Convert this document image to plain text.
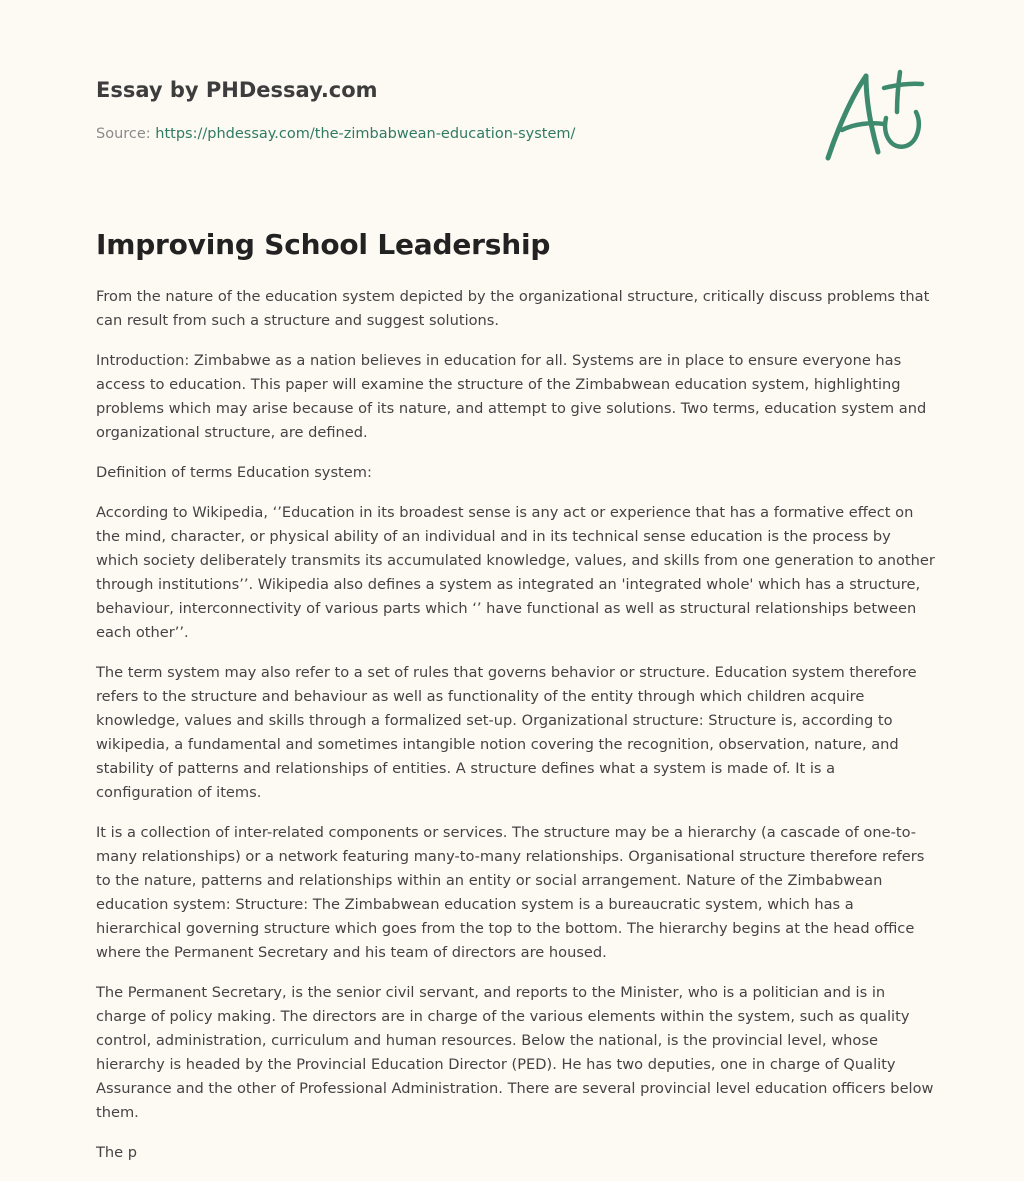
Essay by PHDessay.com
Source: https://phdessay.com/the-zimbabwean-education-system/
Improving School Leadership

From the nature of the education system depicted by the organizational structure, critically discuss problems that can result from such a structure and suggest solutions.

Introduction: Zimbabwe as a nation believes in education for all. Systems are in place to ensure everyone has access to education. This paper will examine the structure of the Zimbabwean education system, highlighting problems which may arise because of its nature, and attempt to give solutions. Two terms, education system and organizational structure, are defined.

Definition of terms Education system:

According to Wikipedia, ‘’Education in its broadest sense is any act or experience that has a formative effect on the mind, character, or physical ability of an individual and in its technical sense education is the process by which society deliberately transmits its accumulated knowledge, values, and skills from one generation to another through institutions’’. Wikipedia also defines a system as integrated an 'integrated whole' which has a structure, behaviour, interconnectivity of various parts which ‘’ have functional as well as structural relationships between each other’’.

The term system may also refer to a set of rules that governs behavior or structure. Education system therefore refers to the structure and behaviour as well as functionality of the entity through which children acquire knowledge, values and skills through a formalized set-up. Organizational structure: Structure is, according to wikipedia, a fundamental and sometimes intangible notion covering the recognition, observation, nature, and stability of patterns and relationships of entities. A structure defines what a system is made of. It is a configuration of items.

It is a collection of inter-related components or services. The structure may be a hierarchy (a cascade of one-to-many relationships) or a network featuring many-to-many relationships. Organisational structure therefore refers to the nature, patterns and relationships within an entity or social arrangement. Nature of the Zimbabwean education system: Structure: The Zimbabwean education system is a bureaucratic system, which has a hierarchical governing structure which goes from the top to the bottom. The hierarchy begins at the head office where the Permanent Secretary and his team of directors are housed.

The Permanent Secretary, is the senior civil servant, and reports to the Minister, who is a politician and is in charge of policy making. The directors are in charge of the various elements within the system, such as quality control, administration, curriculum and human resources. Below the national, is the provincial level, whose hierarchy is headed by the Provincial Education Director (PED). He has two deputies, one in charge of Quality Assurance and the other of Professional Administration. There are several provincial level education officers below them.

The p
